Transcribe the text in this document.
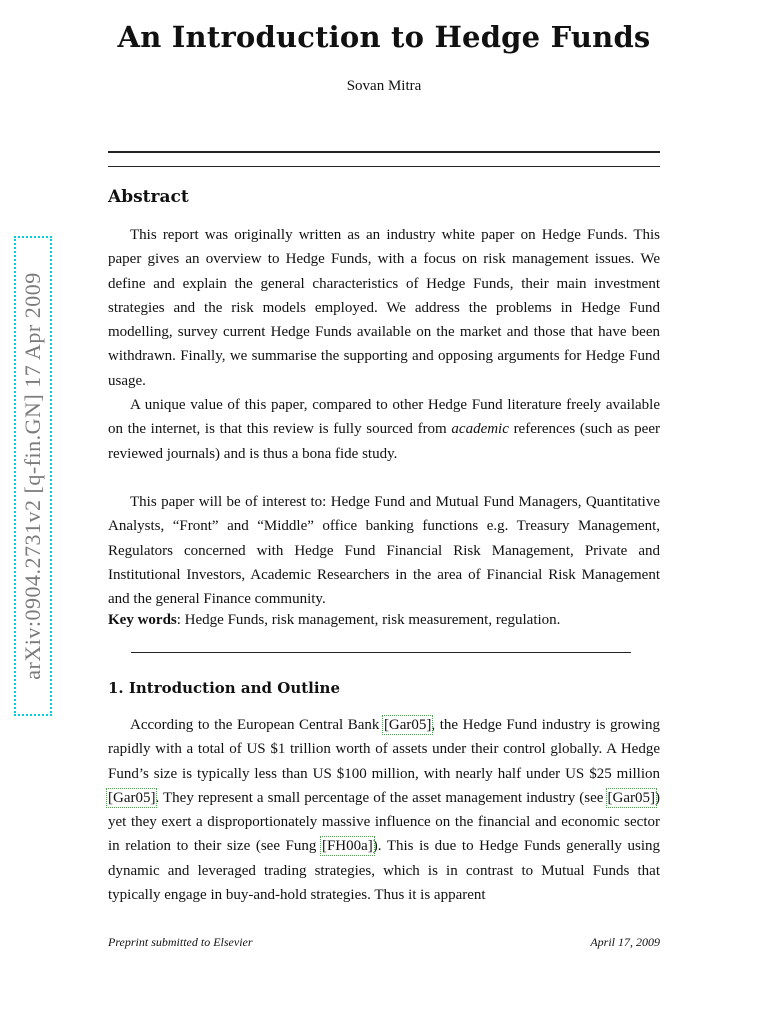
arXiv:0904.2731v2 [q-fin.GN] 17 Apr 2009
An Introduction to Hedge Funds
Sovan Mitra
Abstract
This report was originally written as an industry white paper on Hedge Funds. This paper gives an overview to Hedge Funds, with a focus on risk management issues. We define and explain the general characteristics of Hedge Funds, their main investment strategies and the risk models employed. We address the problems in Hedge Fund modelling, survey current Hedge Funds available on the market and those that have been withdrawn. Finally, we summarise the supporting and opposing arguments for Hedge Fund usage.
A unique value of this paper, compared to other Hedge Fund literature freely available on the internet, is that this review is fully sourced from academic references (such as peer reviewed journals) and is thus a bona fide study.
This paper will be of interest to: Hedge Fund and Mutual Fund Managers, Quantitative Analysts, “Front” and “Middle” office banking functions e.g. Treasury Management, Regulators concerned with Hedge Fund Financial Risk Management, Private and Institutional Investors, Academic Researchers in the area of Financial Risk Management and the general Finance community.
Key words: Hedge Funds, risk management, risk measurement, regulation.
1. Introduction and Outline
According to the European Central Bank [Gar05], the Hedge Fund industry is growing rapidly with a total of US $1 trillion worth of assets under their control globally. A Hedge Fund’s size is typically less than US $100 million, with nearly half under US $25 million [Gar05]. They represent a small percentage of the asset management industry (see [Gar05]) yet they exert a disproportionately massive influence on the financial and economic sector in relation to their size (see Fung [FH00a]). This is due to Hedge Funds generally using dynamic and leveraged trading strategies, which is in contrast to Mutual Funds that typically engage in buy-and-hold strategies. Thus it is apparent
Preprint submitted to Elsevier	April 17, 2009
